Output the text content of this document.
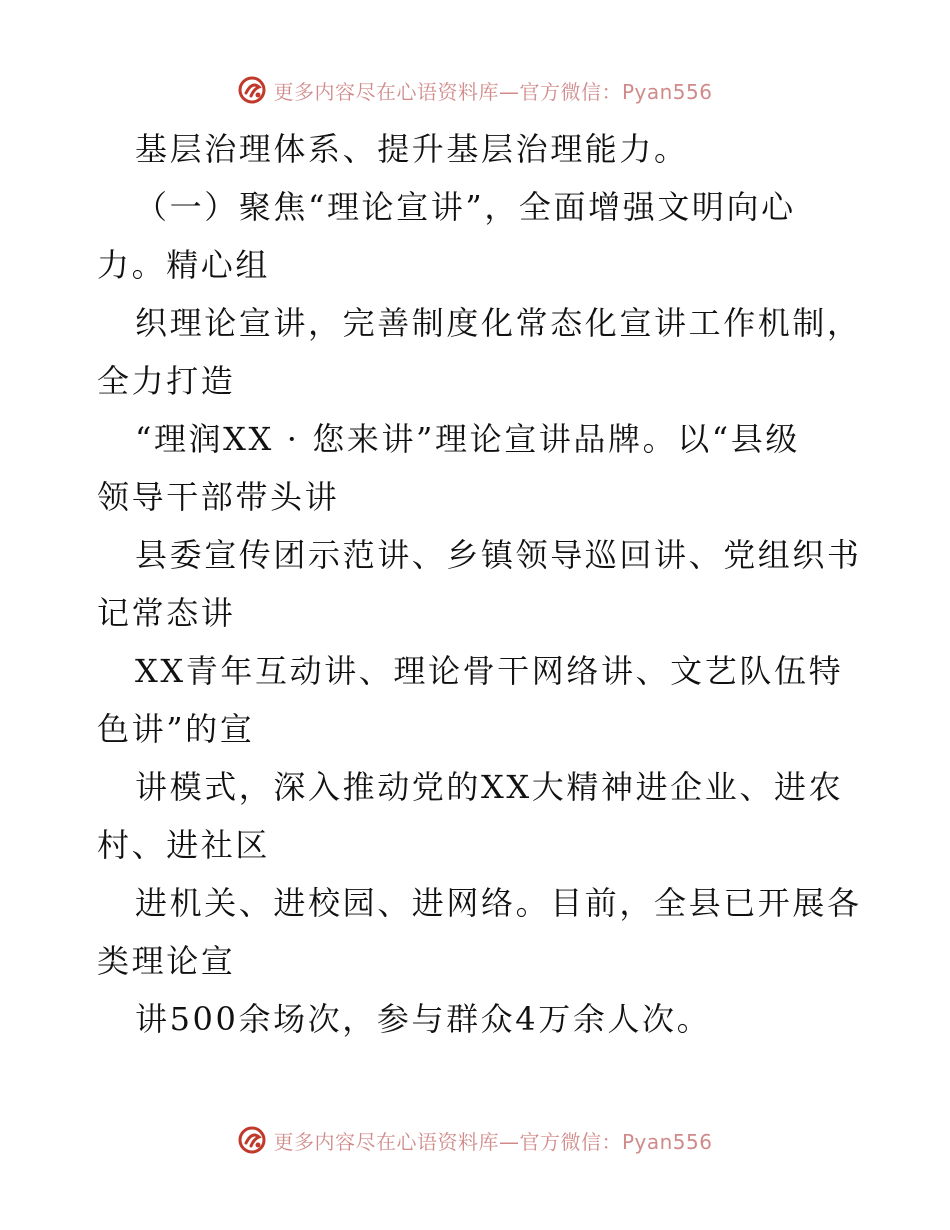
更多内容尽在心语资料库—官方微信：Pyan556
基层治理体系、提升基层治理能力。
（一）聚焦“理论宣讲”，全面增强文明向心
力。精心组
织理论宣讲，完善制度化常态化宣讲工作机制，
全力打造
“理润XX · 您来讲”理论宣讲品牌。以“县级
领导干部带头讲
县委宣传团示范讲、乡镇领导巡回讲、党组织书
记常态讲
XX青年互动讲、理论骨干网络讲、文艺队伍特
色讲”的宣
讲模式，深入推动党的XX大精神进企业、进农
村、进社区
进机关、进校园、进网络。目前，全县已开展各
类理论宣
讲500余场次，参与群众4万余人次。
更多内容尽在心语资料库—官方微信：Pyan556
